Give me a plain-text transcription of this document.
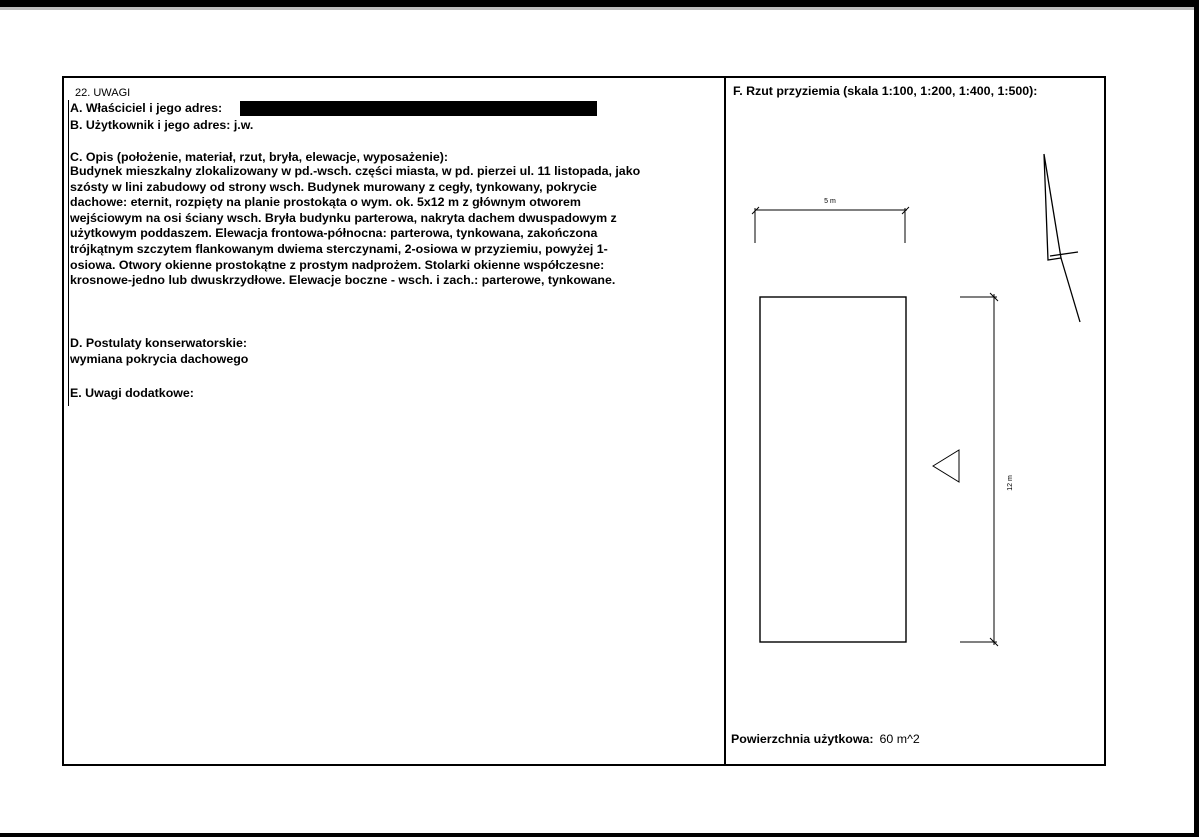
22. UWAGI
A. Właściciel i jego adres:
B. Użytkownik i jego adres: j.w.
C. Opis (położenie, materiał, rzut, bryła, elewacje, wyposażenie):
Budynek mieszkalny zlokalizowany w pd.-wsch. części miasta, w pd. pierzei ul. 11 listopada, jako
szósty w lini zabudowy od strony wsch. Budynek murowany z cegły, tynkowany, pokrycie
dachowe: eternit, rozpięty na planie prostokąta o wym. ok. 5x12 m z głównym otworem
wejściowym na osi ściany wsch. Bryła budynku parterowa, nakryta dachem dwuspadowym z
użytkowym poddaszem. Elewacja frontowa-północna: parterowa, tynkowana, zakończona
trójkątnym szczytem flankowanym dwiema sterczynami, 2-osiowa w przyziemiu, powyżej 1-
osiowa. Otwory okienne prostokątne z prostym nadprożem. Stolarki okienne współczesne:
krosnowe-jedno lub dwuskrzydłowe. Elewacje boczne - wsch. i zach.: parterowe, tynkowane.
D. Postulaty konserwatorskie:
wymiana pokrycia dachowego
E. Uwagi dodatkowe:
F. Rzut przyziemia (skala 1:100, 1:200, 1:400, 1:500):
5 m
12 m
Powierzchnia użytkowa: 60 m^2
